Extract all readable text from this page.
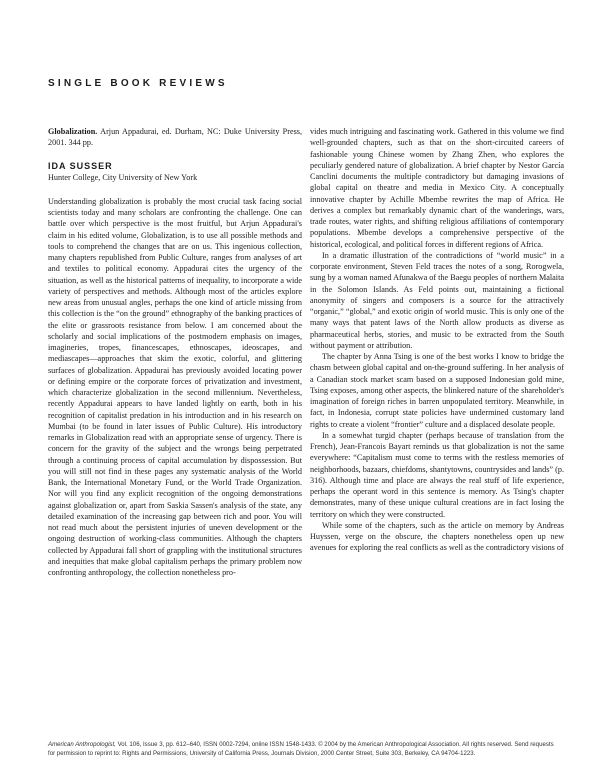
SINGLE BOOK REVIEWS

Globalization. Arjun Appadurai, ed. Durham, NC: Duke University Press, 2001. 344 pp.

IDA SUSSER

Hunter College, City University of New York

Understanding globalization is probably the most crucial task facing social scientists today and many scholars are confronting the challenge. One can battle over which perspective is the most fruitful, but Arjun Appadurai's claim in his edited volume, Globalization, is to use all possible methods and tools to comprehend the changes that are on us. This ingenious collection, many chapters republished from Public Culture, ranges from analyses of art and textiles to political economy. Appadurai cites the urgency of the situation, as well as the historical patterns of inequality, to incorporate a wide variety of perspectives and methods. Although most of the articles explore new areas from unusual angles, perhaps the one kind of article missing from this collection is the “on the ground” ethnography of the banking practices of the elite or grassroots resistance from below. I am concerned about the scholarly and social implications of the postmodern emphasis on images, imagineries, tropes, financescapes, ethnoscapes, ideoscapes, and mediascapes—approaches that skim the exotic, colorful, and glittering surfaces of globalization. Appadurai has previously avoided locating power or defining empire or the corporate forces of privatization and investment, which characterize globalization in the second millennium. Nevertheless, recently Appadurai appears to have landed lightly on earth, both in his recognition of capitalist predation in his introduction and in his research on Mumbai (to be found in later issues of Public Culture). His introductory remarks in Globalization read with an appropriate sense of urgency. There is concern for the gravity of the subject and the wrongs being perpetrated through a continuing process of capital accumulation by dispossession. But you will still not find in these pages any systematic analysis of the World Bank, the International Monetary Fund, or the World Trade Organization. Nor will you find any explicit recognition of the ongoing demonstrations against globalization or, apart from Saskia Sassen's analysis of the state, any detailed examination of the increasing gap between rich and poor. You will not read much about the persistent injuries of uneven development or the ongoing destruction of working-class communities. Although the chapters collected by Appadurai fall short of grappling with the institutional structures and inequities that make global capitalism perhaps the primary problem now confronting anthropology, the collection nonetheless pro-

vides much intriguing and fascinating work. Gathered in this volume we find well-grounded chapters, such as that on the short-circuited careers of fashionable young Chinese women by Zhang Zhen, who explores the peculiarly gendered nature of globalization. A brief chapter by Nestor García Canclini documents the multiple contradictory but damaging invasions of global capital on theatre and media in Mexico City. A conceptually innovative chapter by Achille Mbembe rewrites the map of Africa. He derives a complex but remarkably dynamic chart of the wanderings, wars, trade routes, water rights, and shifting religious affiliations of contemporary populations. Mbembe develops a comprehensive perspective of the historical, ecological, and political forces in different regions of Africa.

In a dramatic illustration of the contradictions of “world music” in a corporate environment, Steven Feld traces the notes of a song, Rorogwela, sung by a woman named Afunakwa of the Baegu peoples of northern Malaita in the Solomon Islands. As Feld points out, maintaining a fictional anonymity of singers and composers is a source for the attractively “organic,” “global,” and exotic origin of world music. This is only one of the many ways that patent laws of the North allow products as diverse as pharmaceutical herbs, stories, and music to be extracted from the South without payment or attribution.

The chapter by Anna Tsing is one of the best works I know to bridge the chasm between global capital and on-the-ground suffering. In her analysis of a Canadian stock market scam based on a supposed Indonesian gold mine, Tsing exposes, among other aspects, the blinkered nature of the shareholder's imagination of foreign riches in barren unpopulated territory. Meanwhile, in fact, in Indonesia, corrupt state policies have undermined customary land rights to create a violent “frontier” culture and a displaced desolate people.

In a somewhat turgid chapter (perhaps because of translation from the French), Jean-Francois Bayart reminds us that globalization is not the same everywhere: “Capitalism must come to terms with the restless memories of neighborhoods, bazaars, chiefdoms, shantytowns, countrysides and lands” (p. 316). Although time and place are always the real stuff of life experience, perhaps the operant word in this sentence is memory. As Tsing's chapter demonstrates, many of these unique cultural creations are in fact losing the territory on which they were constructed.

While some of the chapters, such as the article on memory by Andreas Huyssen, verge on the obscure, the chapters nonetheless open up new avenues for exploring the real conflicts as well as the contradictory visions of

American Anthropologist, Vol. 106, Issue 3, pp. 612–640, ISSN 0002-7294, online ISSN 1548-1433. © 2004 by the American Anthropological Association. All rights reserved. Send requests for permission to reprint to: Rights and Permissions, University of California Press, Journals Division, 2000 Center Street, Suite 303, Berkeley, CA 94704-1223.
